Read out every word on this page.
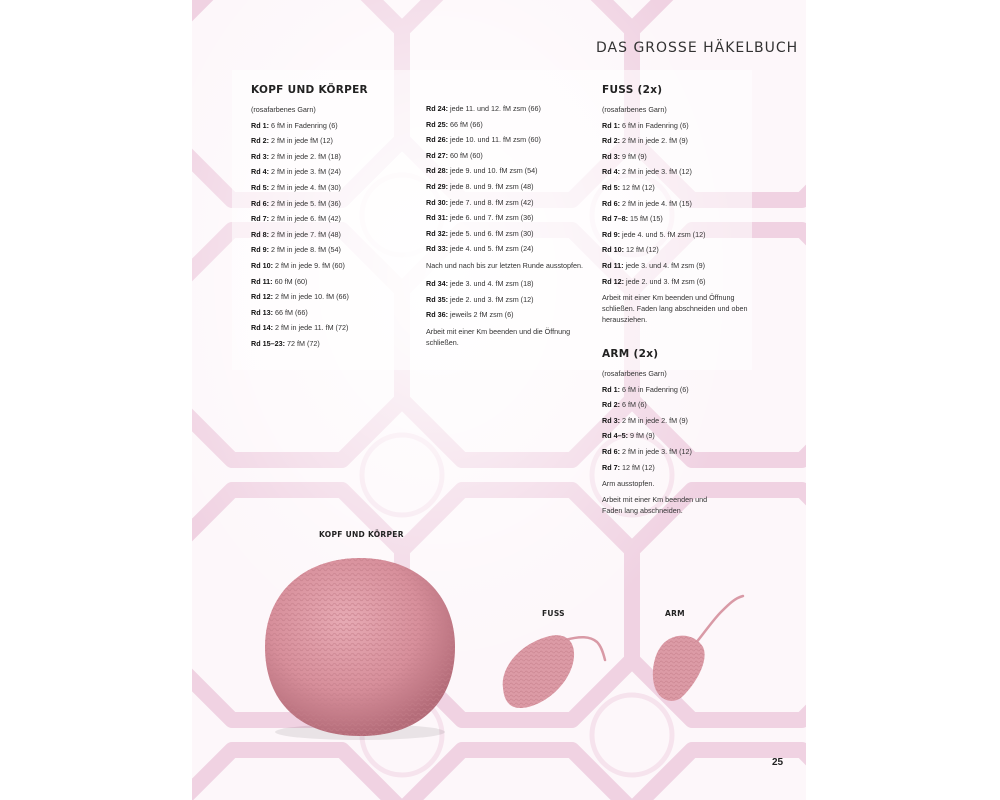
DAS GROSSE HÄKELBUCH
KOPF UND KÖRPER
(rosafarbenes Garn)
Rd 1: 6 fM in Fadenring (6)
Rd 2: 2 fM in jede fM (12)
Rd 3: 2 fM in jede 2. fM (18)
Rd 4: 2 fM in jede 3. fM (24)
Rd 5: 2 fM in jede 4. fM (30)
Rd 6: 2 fM in jede 5. fM (36)
Rd 7: 2 fM in jede 6. fM (42)
Rd 8: 2 fM in jede 7. fM (48)
Rd 9: 2 fM in jede 8. fM (54)
Rd 10: 2 fM in jede 9. fM (60)
Rd 11: 60 fM (60)
Rd 12: 2 fM in jede 10. fM (66)
Rd 13: 66 fM (66)
Rd 14: 2 fM in jede 11. fM (72)
Rd 15–23: 72 fM (72)
Rd 24: jede 11. und 12. fM zsm (66)
Rd 25: 66 fM (66)
Rd 26: jede 10. und 11. fM zsm (60)
Rd 27: 60 fM (60)
Rd 28: jede 9. und 10. fM zsm (54)
Rd 29: jede 8. und 9. fM zsm (48)
Rd 30: jede 7. und 8. fM zsm (42)
Rd 31: jede 6. und 7. fM zsm (36)
Rd 32: jede 5. und 6. fM zsm (30)
Rd 33: jede 4. und 5. fM zsm (24)
Nach und nach bis zur letzten Runde ausstopfen.
Rd 34: jede 3. und 4. fM zsm (18)
Rd 35: jede 2. und 3. fM zsm (12)
Rd 36: jeweils 2 fM zsm (6)
Arbeit mit einer Km beenden und die Öffnung schließen.
FUSS (2x)
(rosafarbenes Garn)
Rd 1: 6 fM in Fadenring (6)
Rd 2: 2 fM in jede 2. fM (9)
Rd 3: 9 fM (9)
Rd 4: 2 fM in jede 3. fM (12)
Rd 5: 12 fM (12)
Rd 6: 2 fM in jede 4. fM (15)
Rd 7–8: 15 fM (15)
Rd 9: jede 4. und 5. fM zsm (12)
Rd 10: 12 fM (12)
Rd 11: jede 3. und 4. fM zsm (9)
Rd 12: jede 2. und 3. fM zsm (6)
Arbeit mit einer Km beenden und Öffnung schließen. Faden lang abschneiden und oben herausziehen.
ARM (2x)
(rosafarbenes Garn)
Rd 1: 6 fM in Fadenring (6)
Rd 2: 6 fM (6)
Rd 3: 2 fM in jede 2. fM (9)
Rd 4–5: 9 fM (9)
Rd 6: 2 fM in jede 3. fM (12)
Rd 7: 12 fM (12)
Arm ausstopfen.
Arbeit mit einer Km beenden und Faden lang abschneiden.
KOPF UND KÖRPER
FUSS	ARM
25
